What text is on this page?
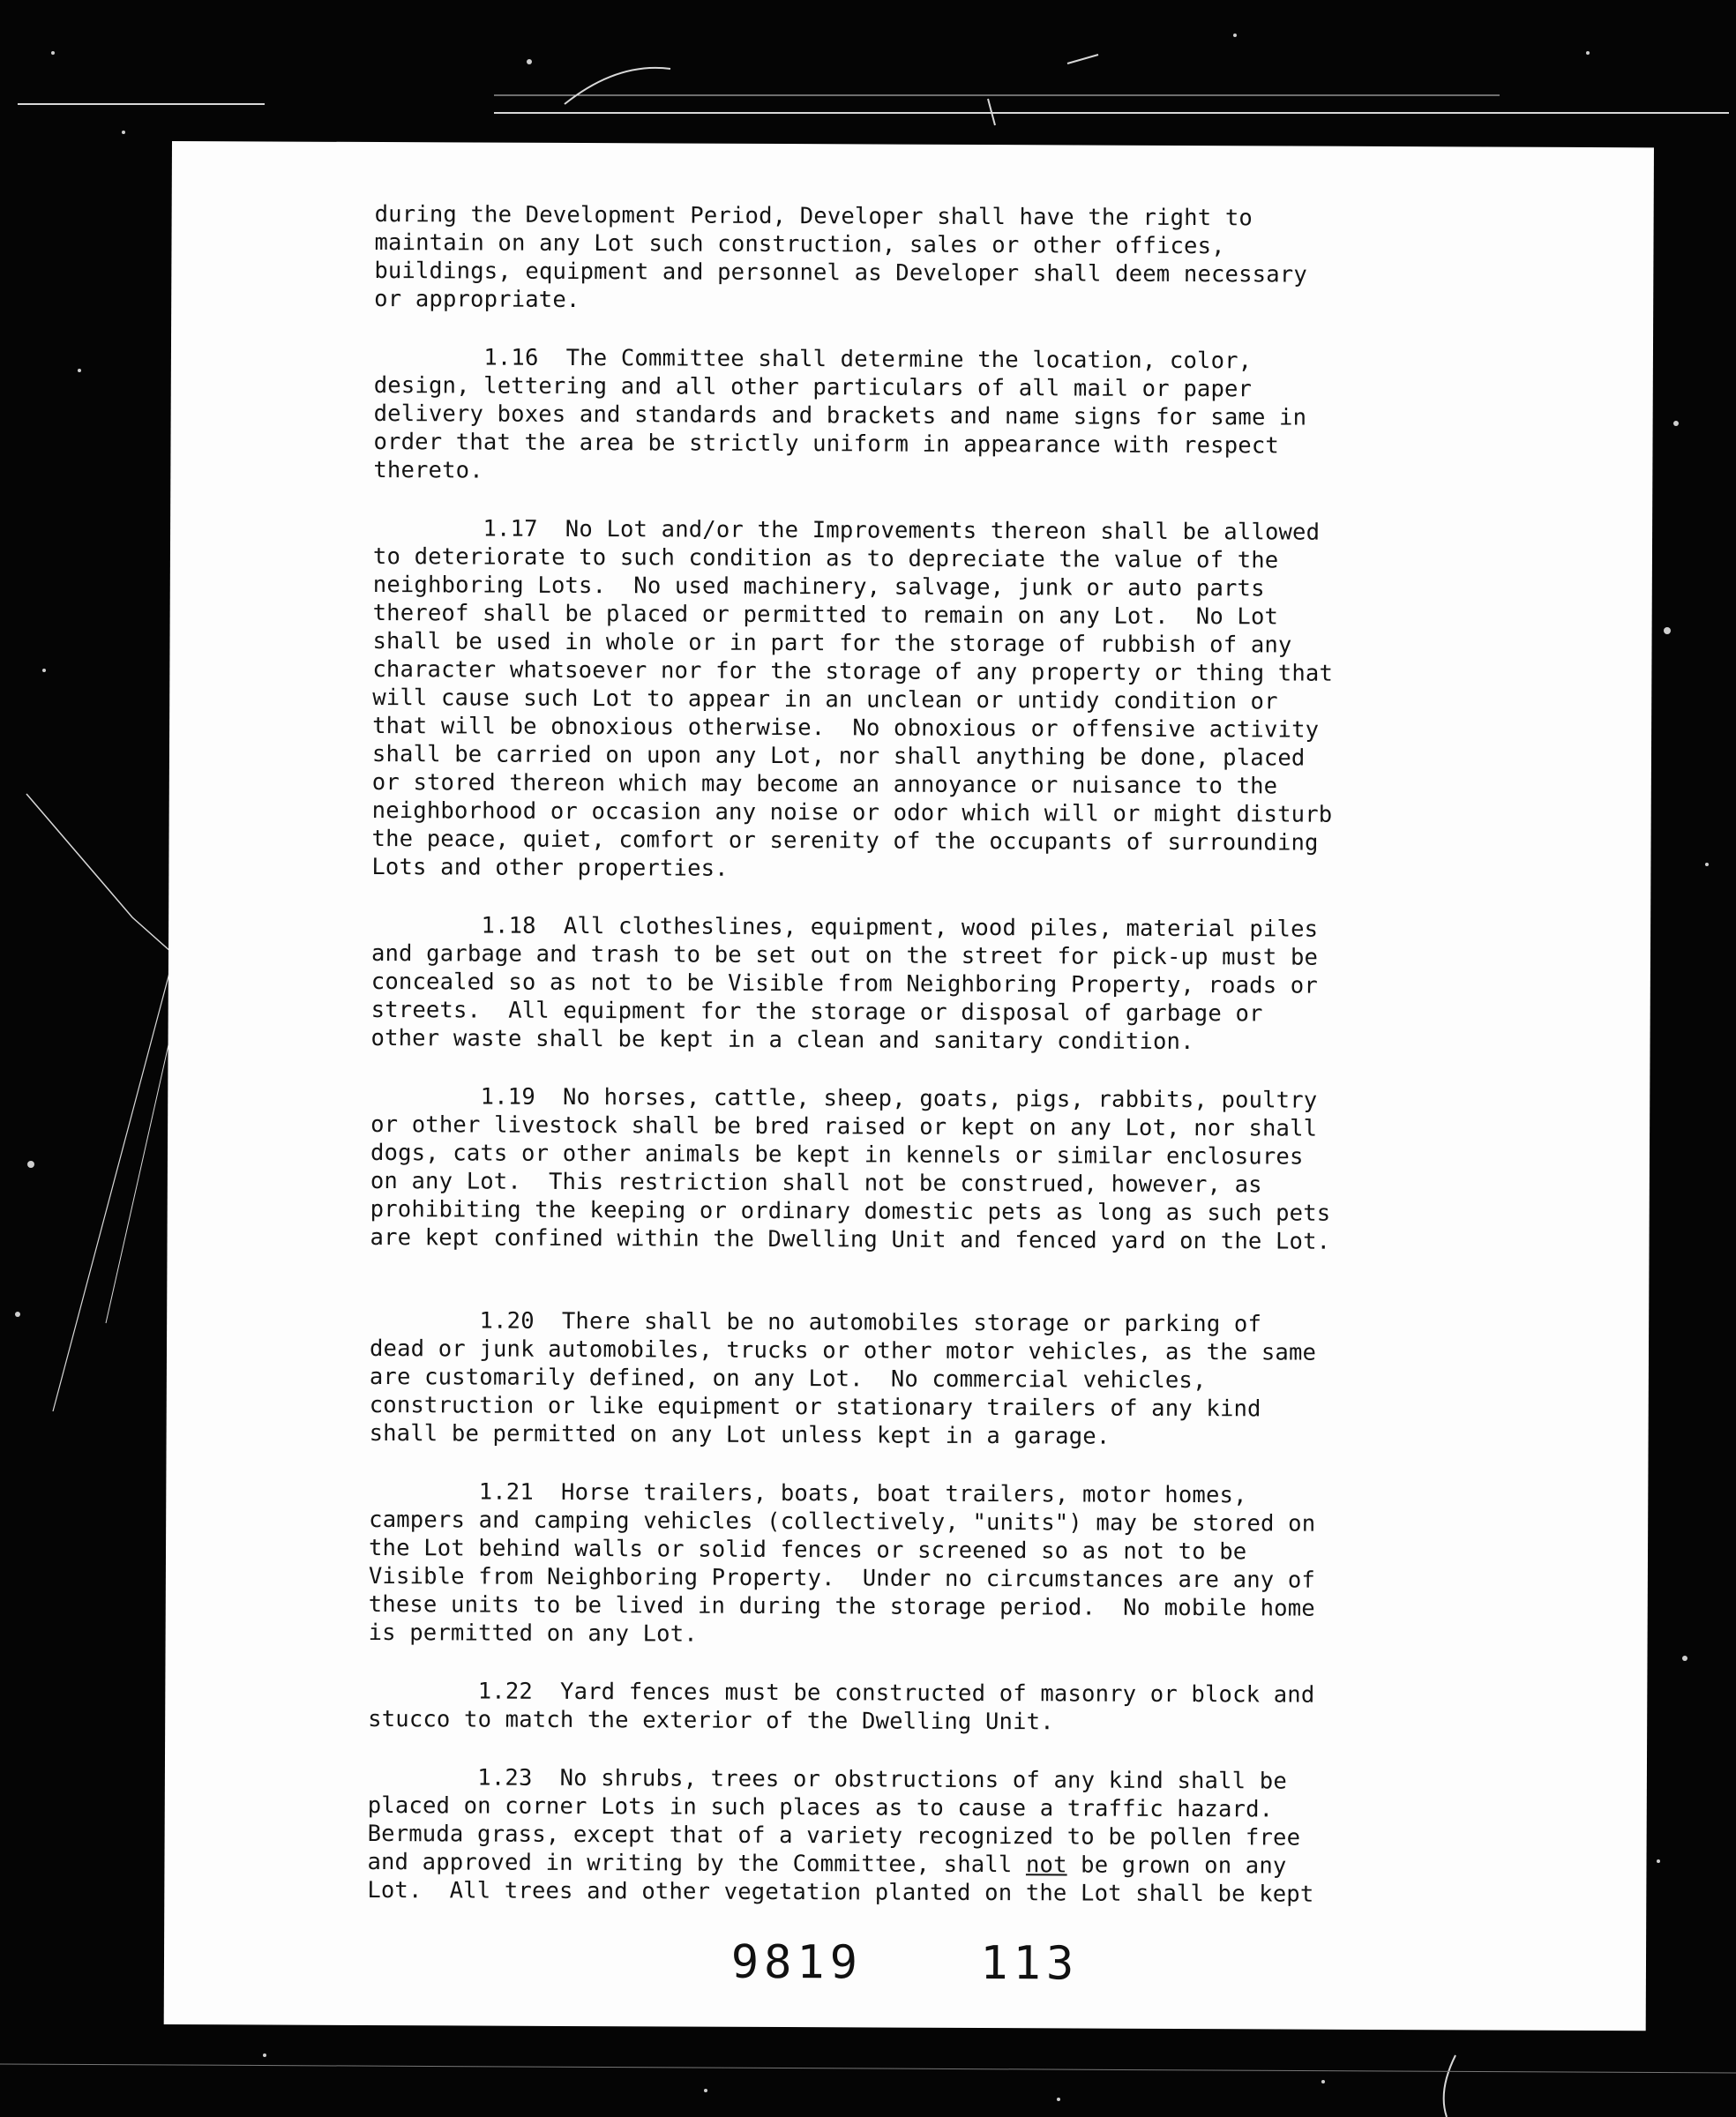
during the Development Period, Developer shall have the right to
maintain on any Lot such construction, sales or other offices,
buildings, equipment and personnel as Developer shall deem necessary
or appropriate.
1.16  The Committee shall determine the location, color,
design, lettering and all other particulars of all mail or paper
delivery boxes and standards and brackets and name signs for same in
order that the area be strictly uniform in appearance with respect
thereto.
1.17  No Lot and/or the Improvements thereon shall be allowed
to deteriorate to such condition as to depreciate the value of the
neighboring Lots.  No used machinery, salvage, junk or auto parts
thereof shall be placed or permitted to remain on any Lot.  No Lot
shall be used in whole or in part for the storage of rubbish of any
character whatsoever nor for the storage of any property or thing that
will cause such Lot to appear in an unclean or untidy condition or
that will be obnoxious otherwise.  No obnoxious or offensive activity
shall be carried on upon any Lot, nor shall anything be done, placed
or stored thereon which may become an annoyance or nuisance to the
neighborhood or occasion any noise or odor which will or might disturb
the peace, quiet, comfort or serenity of the occupants of surrounding
Lots and other properties.
1.18  All clotheslines, equipment, wood piles, material piles
and garbage and trash to be set out on the street for pick-up must be
concealed so as not to be Visible from Neighboring Property, roads or
streets.  All equipment for the storage or disposal of garbage or
other waste shall be kept in a clean and sanitary condition.
1.19  No horses, cattle, sheep, goats, pigs, rabbits, poultry
or other livestock shall be bred raised or kept on any Lot, nor shall
dogs, cats or other animals be kept in kennels or similar enclosures
on any Lot.  This restriction shall not be construed, however, as
prohibiting the keeping or ordinary domestic pets as long as such pets
are kept confined within the Dwelling Unit and fenced yard on the Lot.
1.20  There shall be no automobiles storage or parking of
dead or junk automobiles, trucks or other motor vehicles, as the same
are customarily defined, on any Lot.  No commercial vehicles,
construction or like equipment or stationary trailers of any kind
shall be permitted on any Lot unless kept in a garage.
1.21  Horse trailers, boats, boat trailers, motor homes,
campers and camping vehicles (collectively, "units") may be stored on
the Lot behind walls or solid fences or screened so as not to be
Visible from Neighboring Property.  Under no circumstances are any of
these units to be lived in during the storage period.  No mobile home
is permitted on any Lot.
1.22  Yard fences must be constructed of masonry or block and
stucco to match the exterior of the Dwelling Unit.
1.23  No shrubs, trees or obstructions of any kind shall be
placed on corner Lots in such places as to cause a traffic hazard.
Bermuda grass, except that of a variety recognized to be pollen free
and approved in writing by the Committee, shall not be grown on any
Lot.  All trees and other vegetation planted on the Lot shall be kept
9819	113
